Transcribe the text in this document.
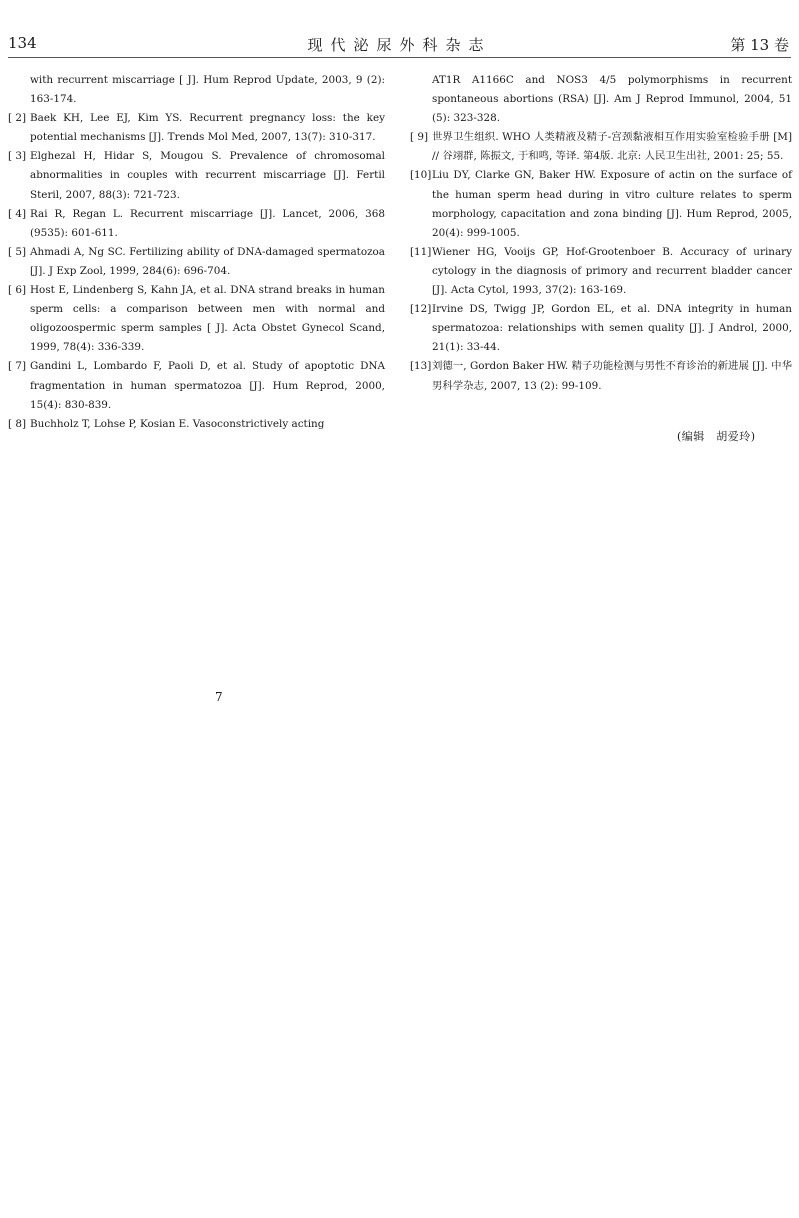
134	现代泌尿外科杂志	第 13 卷
with recurrent miscarriage [ J]. Hum Reprod Update, 2003, 9 (2): 163-174.
[ 2] Baek KH, Lee EJ, Kim YS. Recurrent pregnancy loss: the key potential mechanisms [J]. Trends Mol Med, 2007, 13(7): 310-317.
[ 3] Elghezal H, Hidar S, Mougou S. Prevalence of chromosomal abnormalities in couples with recurrent miscarriage [J]. Fertil Steril, 2007, 88(3): 721-723.
[ 4] Rai R, Regan L. Recurrent miscarriage [J]. Lancet, 2006, 368 (9535): 601-611.
[ 5] Ahmadi A, Ng SC. Fertilizing ability of DNA-damaged spermatozoa [J]. J Exp Zool, 1999, 284(6): 696-704.
[ 6] Host E, Lindenberg S, Kahn JA, et al. DNA strand breaks in human sperm cells: a comparison between men with normal and oligozoospermic sperm samples [ J]. Acta Obstet Gynecol Scand, 1999, 78(4): 336-339.
[ 7] Gandini L, Lombardo F, Paoli D, et al. Study of apoptotic DNA fragmentation in human spermatozoa [J]. Hum Reprod, 2000, 15(4): 830-839.
[ 8] Buchholz T, Lohse P, Kosian E. Vasoconstrictively acting
AT1R A1166C and NOS3 4/5 polymorphisms in recurrent spontaneous abortions (RSA) [J]. Am J Reprod Immunol, 2004, 51 (5): 323-328.
[ 9] 世界卫生组织. WHO 人类精液及精子-宫颈黏液相互作用实验室检验手册 [M] // 谷翊群, 陈振文, 于和鸣, 等译. 第4版. 北京: 人民卫生出社, 2001: 25; 55.
[10] Liu DY, Clarke GN, Baker HW. Exposure of actin on the surface of the human sperm head during in vitro culture relates to sperm morphology, capacitation and zona binding [J]. Hum Reprod, 2005, 20(4): 999-1005.
[11] Wiener HG, Vooijs GP, Hof-Grootenboer B. Accuracy of urinary cytology in the diagnosis of primory and recurrent bladder cancer [J]. Acta Cytol, 1993, 37(2): 163-169.
[12] Irvine DS, Twigg JP, Gordon EL, et al. DNA integrity in human spermatozoa: relationships with semen quality [J]. J Androl, 2000, 21(1): 33-44.
[13] 刘德一, Gordon Baker HW. 精子功能检测与男性不育诊治的新进展 [J]. 中华男科学杂志, 2007, 13 (2): 99-109.
(编辑　胡爱玲)
7
